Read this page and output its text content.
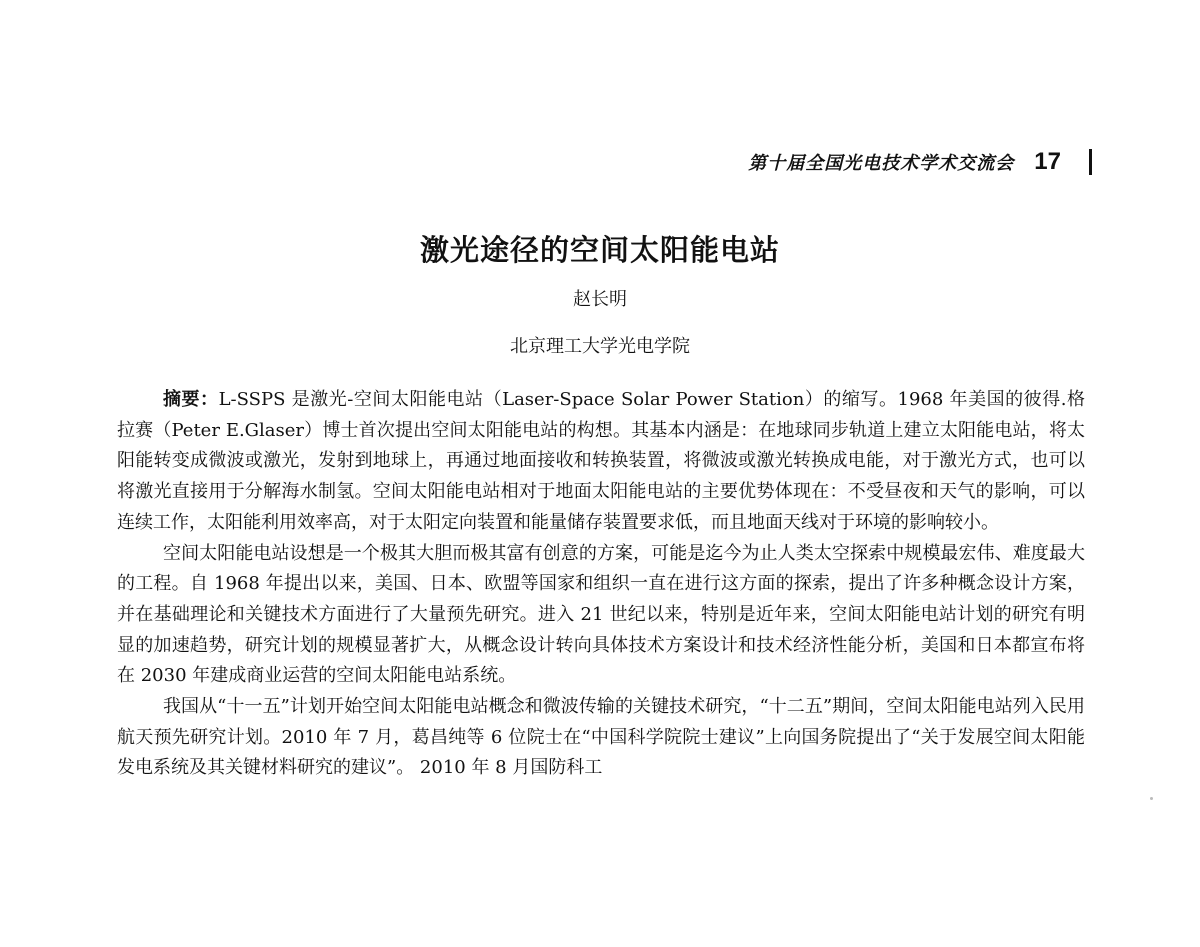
第十届全国光电技术学术交流会 17
激光途径的空间太阳能电站
赵长明
北京理工大学光电学院

摘要：L-SSPS 是激光-空间太阳能电站（Laser-Space Solar Power Station）的缩写。1968 年美国的彼得.格拉赛（Peter E.Glaser）博士首次提出空间太阳能电站的构想。其基本内涵是：在地球同步轨道上建立太阳能电站，将太阳能转变成微波或激光，发射到地球上，再通过地面接收和转换装置，将微波或激光转换成电能，对于激光方式，也可以将激光直接用于分解海水制氢。空间太阳能电站相对于地面太阳能电站的主要优势体现在：不受昼夜和天气的影响，可以连续工作，太阳能利用效率高，对于太阳定向装置和能量储存装置要求低，而且地面天线对于环境的影响较小。

空间太阳能电站设想是一个极其大胆而极其富有创意的方案，可能是迄今为止人类太空探索中规模最宏伟、难度最大的工程。自 1968 年提出以来，美国、日本、欧盟等国家和组织一直在进行这方面的探索，提出了许多种概念设计方案，并在基础理论和关键技术方面进行了大量预先研究。进入 21 世纪以来，特别是近年来，空间太阳能电站计划的研究有明显的加速趋势，研究计划的规模显著扩大，从概念设计转向具体技术方案设计和技术经济性能分析，美国和日本都宣布将在 2030 年建成商业运营的空间太阳能电站系统。

我国从“十一五”计划开始空间太阳能电站概念和微波传输的关键技术研究，“十二五”期间，空间太阳能电站列入民用航天预先研究计划。2010 年 7 月，葛昌纯等 6 位院士在“中国科学院院士建议”上向国务院提出了“关于发展空间太阳能发电系统及其关键材料研究的建议”。 2010 年 8 月国防科工
